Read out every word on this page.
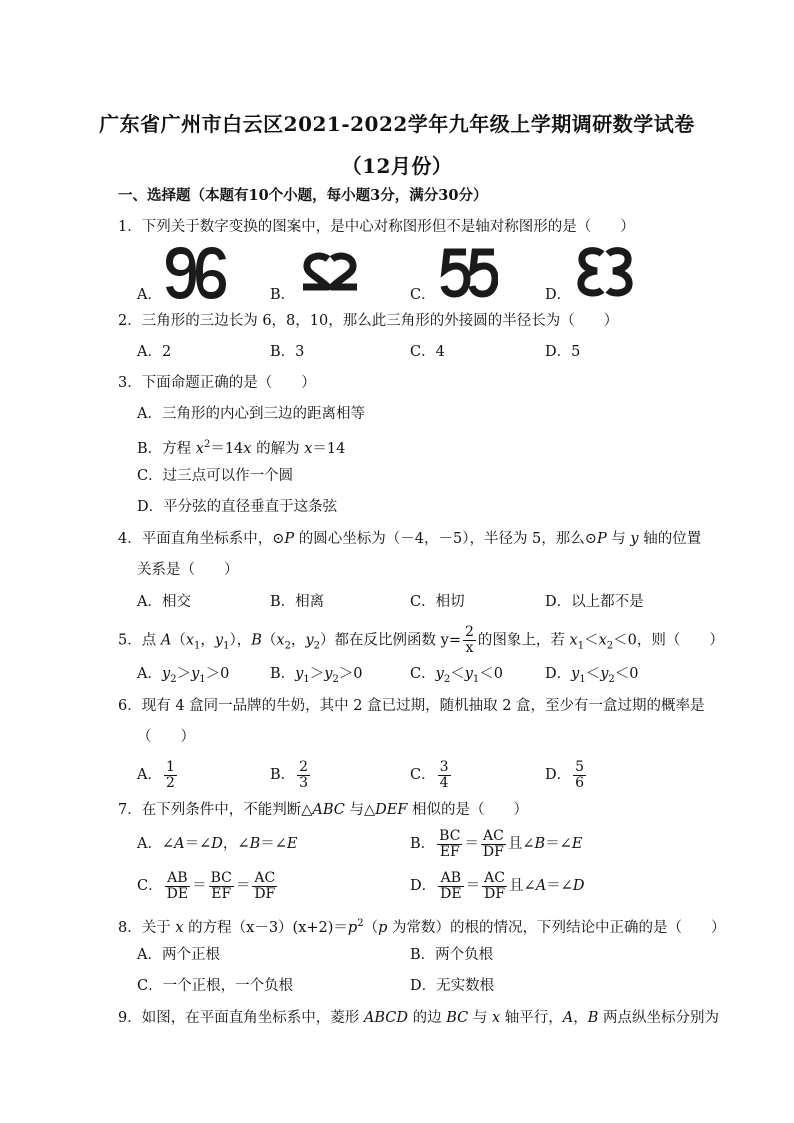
广东省广州市白云区2021-2022学年九年级上学期调研数学试卷
（12月份）
一、选择题（本题有10个小题，每小题3分，满分30分）
1．下列关于数字变换的图案中，是中心对称图形但不是轴对称图形的是（　　）
A．	B．	C．	D．
2．三角形的三边长为 6，8，10，那么此三角形的外接圆的半径长为（　　）
A．2	B．3	C．4	D．5
3．下面命题正确的是（　　）
A．三角形的内心到三边的距离相等
B．方程 $x^2=14x$ 的解为 x＝14
C．过三点可以作一个圆
D．平分弦的直径垂直于这条弦
4．平面直角坐标系中，⊙P 的圆心坐标为（－4，－5），半径为 5，那么⊙P 与 y 轴的位置
关系是（　　）
A．相交	B．相离	C．相切	D．以上都不是
5．点 $A(x_1$，$y_1$），$B(x_2$，$y_2$）都在反比例函数 $y= \frac{2}{x}$ 的图象上，若 $x_1<x_2<0$，则（　　）
A．$y_2>y_1>0$	B．$y_1>y_2>0$	C．$y_2<y_1<0$	D．$y_1<y_2<0$
6．现有 4 盒同一品牌的牛奶，其中 2 盒已过期，随机抽取 2 盒，至少有一盒过期的概率是
（　　）
A． $\frac{1}{2}$	B． $\frac{2}{3}$	C． $\frac{3}{4}$	D． $\frac{5}{6}$
7．在下列条件中，不能判断△ABC 与△DEF 相似的是（　　）
A．∠A＝∠D，∠B＝∠E	B． $\frac{BC}{EF} = \frac{AC}{DF}$ 且∠B＝∠E
C． $\frac{AB}{DE} = \frac{BC}{EF} = \frac{AC}{DF}$	D． $\frac{AB}{DE} = \frac{AC}{DF}$ 且∠A＝∠D
8．关于 x 的方程$(x-3)(x+2)=p^2(p$ 为常数）的根的情况，下列结论中正确的是（　　）
A．两个正根	B．两个负根
C．一个正根，一个负根	D．无实数根
9．如图，在平面直角坐标系中，菱形 ABCD 的边 BC 与 x 轴平行，A，B 两点纵坐标分别为
